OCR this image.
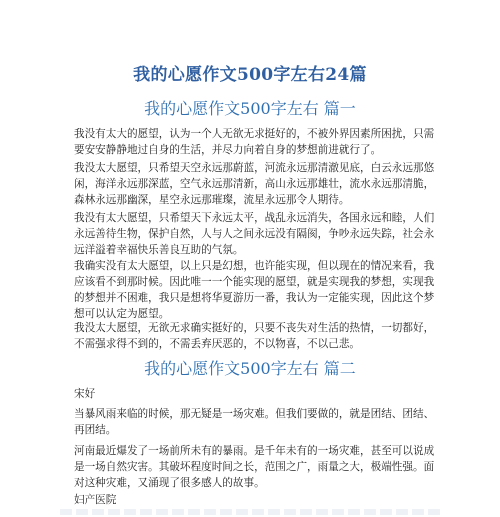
我的心愿作文500字左右24篇
我的心愿作文500字左右 篇一

我没有太大的愿望，认为一个人无欲无求挺好的，不被外界因素所困扰，只需要安安静静地过自身的生活，并尽力向着自身的梦想前进就行了。

我没太大愿望，只希望天空永远那蔚蓝，河流永远那清澈见底，白云永远那悠闲，海洋永远那深蓝，空气永远那清新，高山永远那雄壮，流水永远那清脆，森林永远那幽深，星空永远那璀璨，流星永远那令人期待。

我没有太大愿望，只希望天下永远太平，战乱永远消失，各国永远和睦，人们永远善待生物，保护自然，人与人之间永远没有隔阂，争吵永远失踪，社会永远洋溢着幸福快乐善良互助的气氛。

我确实没有太大愿望，以上只是幻想，也许能实现，但以现在的情况来看，我应该看不到那时候。因此唯一一个能实现的愿望，就是实现我的梦想，实现我的梦想并不困难，我只是想将华夏游历一番，我认为一定能实现，因此这个梦想可以认定为愿望。

我没太大愿望，无欲无求确实挺好的，只要不丧失对生活的热情，一切都好，不需强求得不到的，不需丢弃厌恶的，不以物喜，不以己悲。

我的心愿作文500字左右 篇二
宋好

当暴风雨来临的时候，那无疑是一场灾难。但我们要做的，就是团结、团结、再团结。

河南最近爆发了一场前所未有的暴雨。是千年未有的一场灾难，甚至可以说成是一场自然灾害。其破坏程度时间之长，范围之广，雨量之大，极端性强。面对这种灾难，又涌现了很多感人的故事。

妇产医院
